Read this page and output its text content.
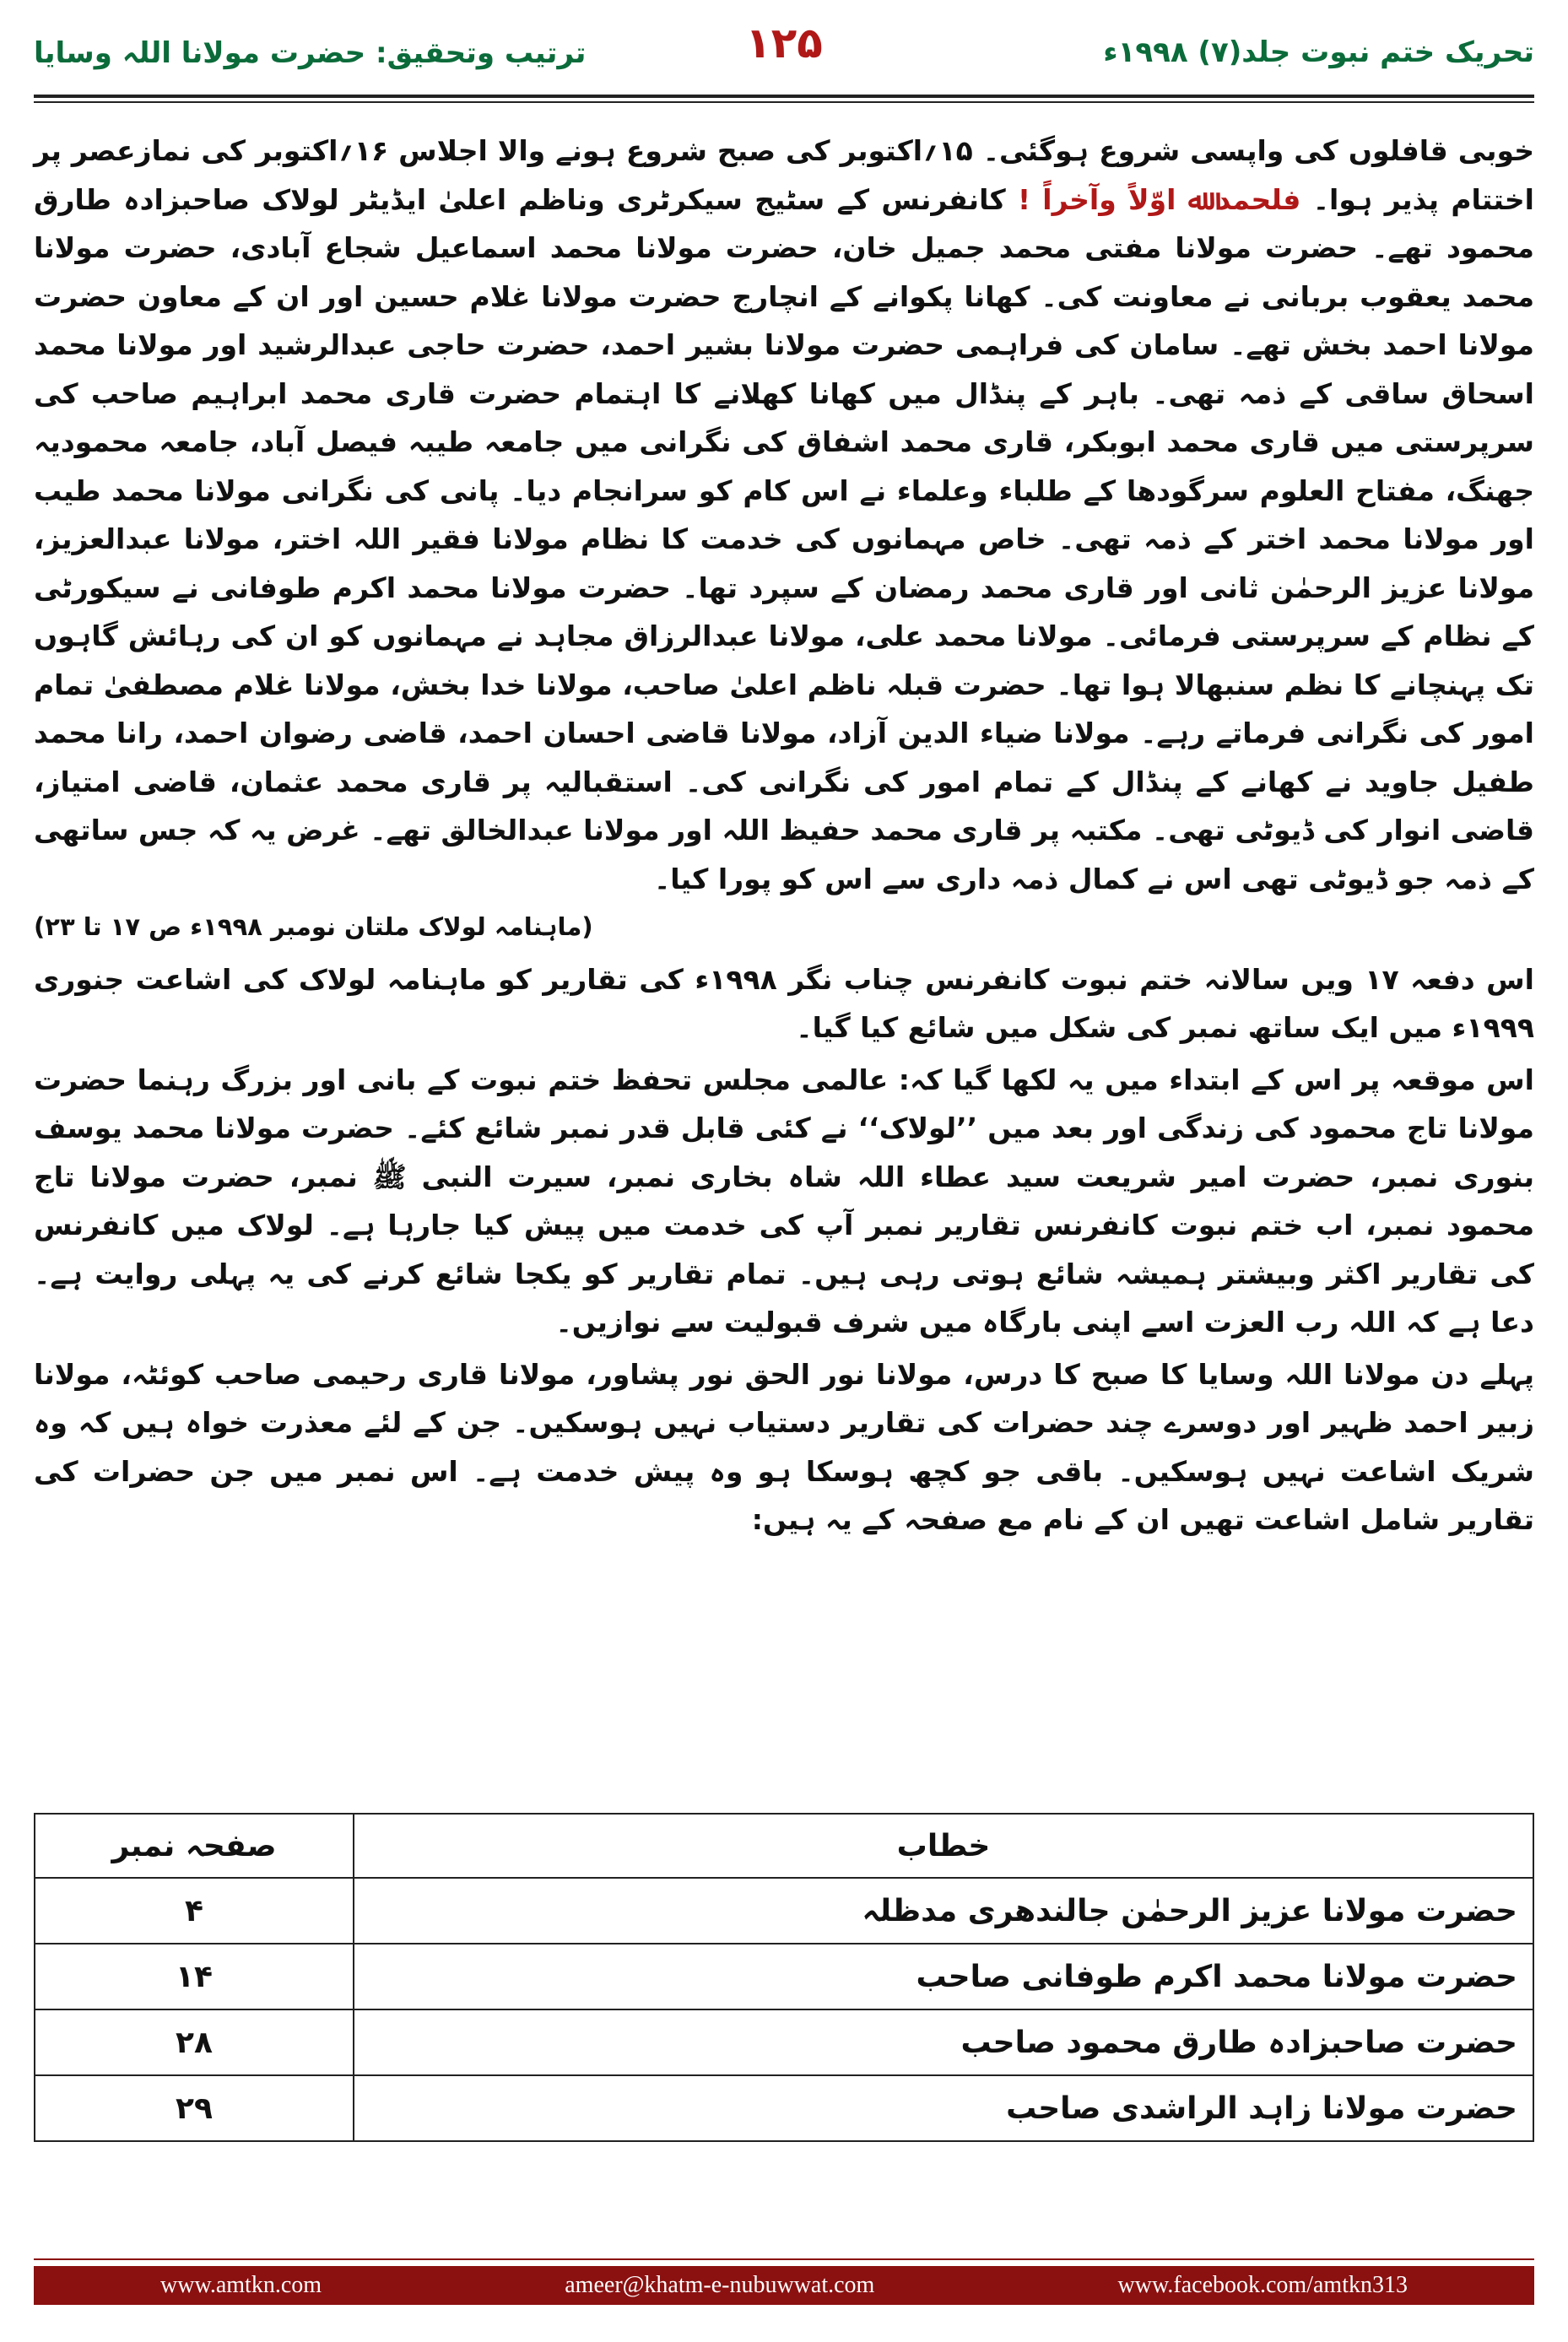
ترتیب وتحقیق: حضرت مولانا اللہ وسایا	۱۲۵	تحریک ختم نبوت جلد(۷) ۱۹۹۸ء

خوبی قافلوں کی واپسی شروع ہوگئی۔ ۱۵؍اکتوبر کی صبح شروع ہونے والا اجلاس ۱۶؍اکتوبر کی نمازعصر پر اختتام پذیر ہوا۔ فلحمد ﷲ اوّلاً وآخراً ! کانفرنس کے سٹیج سیکرٹری وناظم اعلیٰ ایڈیٹر لولاک صاحبزادہ طارق محمود تھے۔ حضرت مولانا مفتی محمد جمیل خان، حضرت مولانا محمد اسماعیل شجاع آبادی، حضرت مولانا محمد یعقوب بربانی نے معاونت کی۔ کھانا پکوانے کے انچارج حضرت مولانا غلام حسین اور ان کے معاون حضرت مولانا احمد بخش تھے۔ سامان کی فراہمی حضرت مولانا بشیر احمد، حضرت حاجی عبدالرشید اور مولانا محمد اسحاق ساقی کے ذمہ تھی۔ باہر کے پنڈال میں کھانا کھلانے کا اہتمام حضرت قاری محمد ابراہیم صاحب کی سرپرستی میں قاری محمد ابوبکر، قاری محمد اشفاق کی نگرانی میں جامعہ طیبہ فیصل آباد، جامعہ محمودیہ جھنگ، مفتاح العلوم سرگودھا کے طلباء وعلماء نے اس کام کو سرانجام دیا۔ پانی کی نگرانی مولانا محمد طیب اور مولانا محمد اختر کے ذمہ تھی۔ خاص مہمانوں کی خدمت کا نظام مولانا فقیر اللہ اختر، مولانا عبدالعزیز، مولانا عزیز الرحمٰن ثانی اور قاری محمد رمضان کے سپرد تھا۔ حضرت مولانا محمد اکرم طوفانی نے سیکورٹی کے نظام کے سرپرستی فرمائی۔ مولانا محمد علی، مولانا عبدالرزاق مجاہد نے مہمانوں کو ان کی رہائش گاہوں تک پہنچانے کا نظم سنبھالا ہوا تھا۔ حضرت قبلہ ناظم اعلیٰ صاحب، مولانا خدا بخش، مولانا غلام مصطفیٰ تمام امور کی نگرانی فرماتے رہے۔ مولانا ضیاء الدین آزاد، مولانا قاضی احسان احمد، قاضی رضوان احمد، رانا محمد طفیل جاوید نے کھانے کے پنڈال کے تمام امور کی نگرانی کی۔ استقبالیہ پر قاری محمد عثمان، قاضی امتیاز، قاضی انوار کی ڈیوٹی تھی۔ مکتبہ پر قاری محمد حفیظ اللہ اور مولانا عبدالخالق تھے۔ غرض یہ کہ جس ساتھی کے ذمہ جو ڈیوٹی تھی اس نے کمال ذمہ داری سے اس کو پورا کیا۔
(ماہنامہ لولاک ملتان نومبر ۱۹۹۸ء ص ۱۷ تا ۲۳)

اس دفعہ ۱۷ ویں سالانہ ختم نبوت کانفرنس چناب نگر ۱۹۹۸ء کی تقاریر کو ماہنامہ لولاک کی اشاعت جنوری ۱۹۹۹ء میں ایک ساتھ نمبر کی شکل میں شائع کیا گیا۔

اس موقعہ پر اس کے ابتداء میں یہ لکھا گیا کہ: عالمی مجلس تحفظ ختم نبوت کے بانی اور بزرگ رہنما حضرت مولانا تاج محمود کی زندگی اور بعد میں ’’لولاک‘‘ نے کئی قابل قدر نمبر شائع کئے۔ حضرت مولانا محمد یوسف بنوری نمبر، حضرت امیر شریعت سید عطاء اللہ شاہ بخاری نمبر، سیرت النبی ﷺ نمبر، حضرت مولانا تاج محمود نمبر، اب ختم نبوت کانفرنس تقاریر نمبر آپ کی خدمت میں پیش کیا جارہا ہے۔ لولاک میں کانفرنس کی تقاریر اکثر وبیشتر ہمیشہ شائع ہوتی رہی ہیں۔ تمام تقاریر کو یکجا شائع کرنے کی یہ پہلی روایت ہے۔ دعا ہے کہ اللہ رب العزت اسے اپنی بارگاہ میں شرف قبولیت سے نوازیں۔

پہلے دن مولانا اللہ وسایا کا صبح کا درس، مولانا نور الحق نور پشاور، مولانا قاری رحیمی صاحب کوئٹہ، مولانا زبیر احمد ظہیر اور دوسرے چند حضرات کی تقاریر دستیاب نہیں ہوسکیں۔ جن کے لئے معذرت خواہ ہیں کہ وہ شریک اشاعت نہیں ہوسکیں۔ باقی جو کچھ ہوسکا ہو وہ پیش خدمت ہے۔ اس نمبر میں جن حضرات کی تقاریر شامل اشاعت تھیں ان کے نام مع صفحہ کے یہ ہیں:

خطاب	صفحہ نمبر
حضرت مولانا عزیز الرحمٰن جالندھری مدظلہ	۴
حضرت مولانا محمد اکرم طوفانی صاحب	۱۴
حضرت صاحبزادہ طارق محمود صاحب	۲۸
حضرت مولانا زاہد الراشدی صاحب	۲۹
www.amtkn.com	ameer@khatm-e-nubuwwat.com	www.facebook.com/amtkn313
